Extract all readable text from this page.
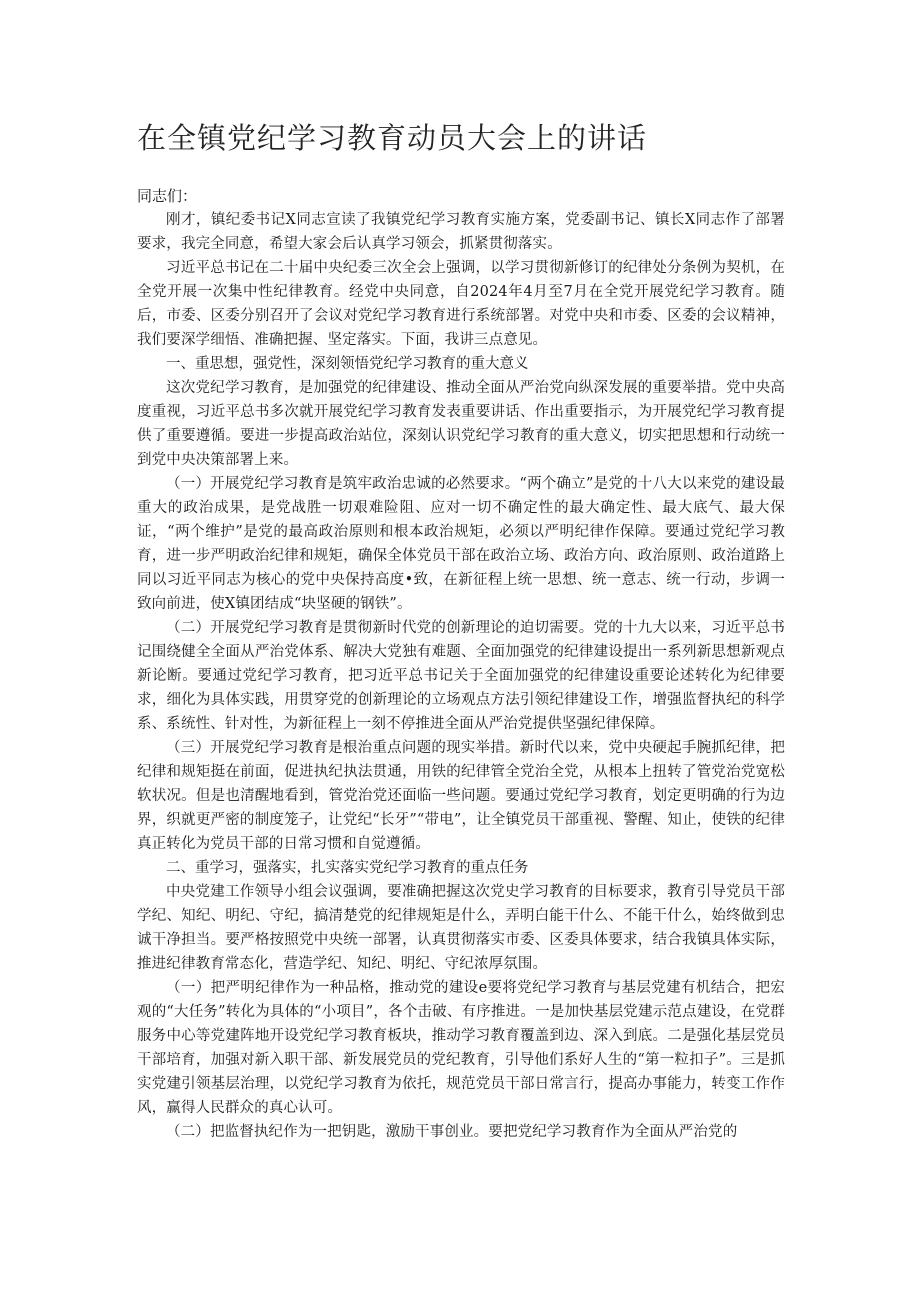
在全镇党纪学习教育动员大会上的讲话

同志们：

刚才，镇纪委书记X同志宣读了我镇党纪学习教育实施方案，党委副书记、镇长X同志作了部署要求，我完全同意，希望大家会后认真学习领会，抓紧贯彻落实。

习近平总书记在二十届中央纪委三次全会上强调，以学习贯彻新修订的纪律处分条例为契机，在全党开展一次集中性纪律教育。经党中央同意，自2024年4月至7月在全党开展党纪学习教育。随后，市委、区委分别召开了会议对党纪学习教育进行系统部署。对党中央和市委、区委的会议精神，我们要深学细悟、准确把握、坚定落实。下面，我讲三点意见。

一、重思想，强党性，深刻领悟党纪学习教育的重大意义

这次党纪学习教育，是加强党的纪律建设、推动全面从严治党向纵深发展的重要举措。党中央高度重视，习近平总书多次就开展党纪学习教育发表重要讲话、作出重要指示，为开展党纪学习教育提供了重要遵循。要进一步提高政治站位，深刻认识党纪学习教育的重大意义，切实把思想和行动统一到党中央决策部署上来。

（一）开展党纪学习教育是筑牢政治忠诚的必然要求。“两个确立”是党的十八大以来党的建设最重大的政治成果，是党战胜一切艰难险阻、应对一切不确定性的最大确定性、最大底气、最大保证，“两个维护”是党的最高政治原则和根本政治规矩，必须以严明纪律作保障。要通过党纪学习教育，进一步严明政治纪律和规矩，确保全体党员干部在政治立场、政治方向、政治原则、政治道路上同以习近平同志为核心的党中央保持高度•致，在新征程上统一思想、统一意志、统一行动，步调一致向前进，使X镇团结成“块坚硬的钢铁”。

（二）开展党纪学习教育是贯彻新时代党的创新理论的迫切需要。党的十九大以来，习近平总书记围绕健全全面从严治党体系、解决大党独有难题、全面加强党的纪律建设提出一系列新思想新观点新论断。要通过党纪学习教育，把习近平总书记关于全面加强党的纪律建设重要论述转化为纪律要求，细化为具体实践，用贯穿党的创新理论的立场观点方法引领纪律建设工作，增强监督执纪的科学系、系统性、针对性，为新征程上一刻不停推进全面从严治党提供坚强纪律保障。

（三）开展党纪学习教育是根治重点问题的现实举措。新时代以来，党中央硬起手腕抓纪律，把纪律和规矩挺在前面，促进执纪执法贯通，用铁的纪律管全党治全党，从根本上扭转了管党治党宽松软状况。但是也清醒地看到，管党治党还面临一些问题。要通过党纪学习教育，划定更明确的行为边界，织就更严密的制度笼子，让党纪“长牙”“带电”，让全镇党员干部重视、警醒、知止，使铁的纪律真正转化为党员干部的日常习惯和自觉遵循。

二、重学习，强落实，扎实落实党纪学习教育的重点任务

中央党建工作领导小组会议强调，要准确把握这次党史学习教育的目标要求，教育引导党员干部学纪、知纪、明纪、守纪，搞清楚党的纪律规矩是什么，弄明白能干什么、不能干什么，始终做到忠诚干净担当。要严格按照党中央统一部署，认真贯彻落实市委、区委具体要求，结合我镇具体实际，推进纪律教育常态化，营造学纪、知纪、明纪、守纪浓厚氛围。

（一）把严明纪律作为一种品格，推动党的建设e要将党纪学习教育与基层党建有机结合，把宏观的“大任务”转化为具体的“小项目”，各个击破、有序推进。一是加快基层党建示范点建设，在党群服务中心等党建阵地开设党纪学习教育板块，推动学习教育覆盖到边、深入到底。二是强化基层党员干部培育，加强对新入职干部、新发展党员的党纪教育，引导他们系好人生的“第一粒扣子”。三是抓实党建引领基层治理，以党纪学习教育为依托，规范党员干部日常言行，提高办事能力，转变工作作风，赢得人民群众的真心认可。

（二）把监督执纪作为一把钥匙，激励干事创业。要把党纪学习教育作为全面从严治党的
